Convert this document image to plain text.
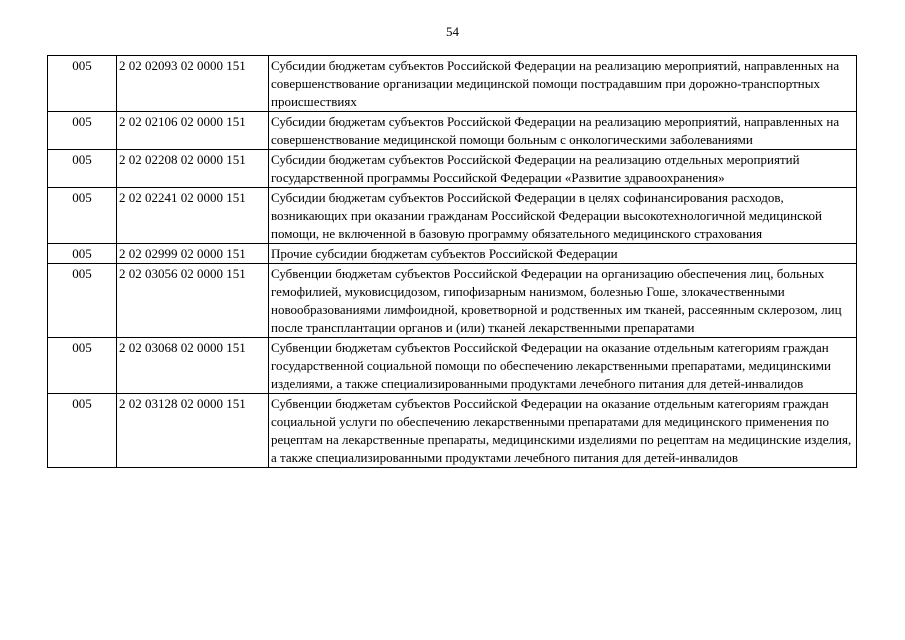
54
005	2 02 02093 02 0000 151	Субсидии бюджетам субъектов Российской Федерации на реализацию мероприятий, направленных на совершенствование организации медицинской помощи пострадавшим при дорожно-транспортных происшествиях
005	2 02 02106 02 0000 151	Субсидии бюджетам субъектов Российской Федерации на реализацию мероприятий, направленных на совершенствование медицинской помощи больным с онкологическими заболеваниями
005	2 02 02208 02 0000 151	Субсидии бюджетам субъектов Российской Федерации на реализацию отдельных мероприятий государственной программы Российской Федерации «Развитие здравоохранения»
005	2 02 02241 02 0000 151	Субсидии бюджетам субъектов Российской Федерации в целях софинансирования расходов, возникающих при оказании гражданам Российской Федерации высокотехнологичной медицинской помощи, не включенной в базовую программу обязательного медицинского страхования
005	2 02 02999 02 0000 151	Прочие субсидии бюджетам субъектов Российской Федерации
005	2 02 03056 02 0000 151	Субвенции бюджетам субъектов Российской Федерации на организацию обеспечения лиц, больных гемофилией, муковисцидозом, гипофизарным нанизмом, болезнью Гоше, злокачественными новообразованиями лимфоидной, кроветворной и родственных им тканей, рассеянным склерозом, лиц после трансплантации органов и (или) тканей лекарственными препаратами
005	2 02 03068 02 0000 151	Субвенции бюджетам субъектов Российской Федерации на оказание отдельным категориям граждан государственной социальной помощи по обеспечению лекарственными препаратами, медицинскими изделиями, а также специализированными продуктами лечебного питания для детей-инвалидов
005	2 02 03128 02 0000 151	Субвенции бюджетам субъектов Российской Федерации на оказание отдельным категориям граждан социальной услуги по обеспечению лекарственными препаратами для медицинского применения по рецептам на лекарственные препараты, медицинскими изделиями по рецептам на медицинские изделия, а также специализированными продуктами лечебного питания для детей-инвалидов
